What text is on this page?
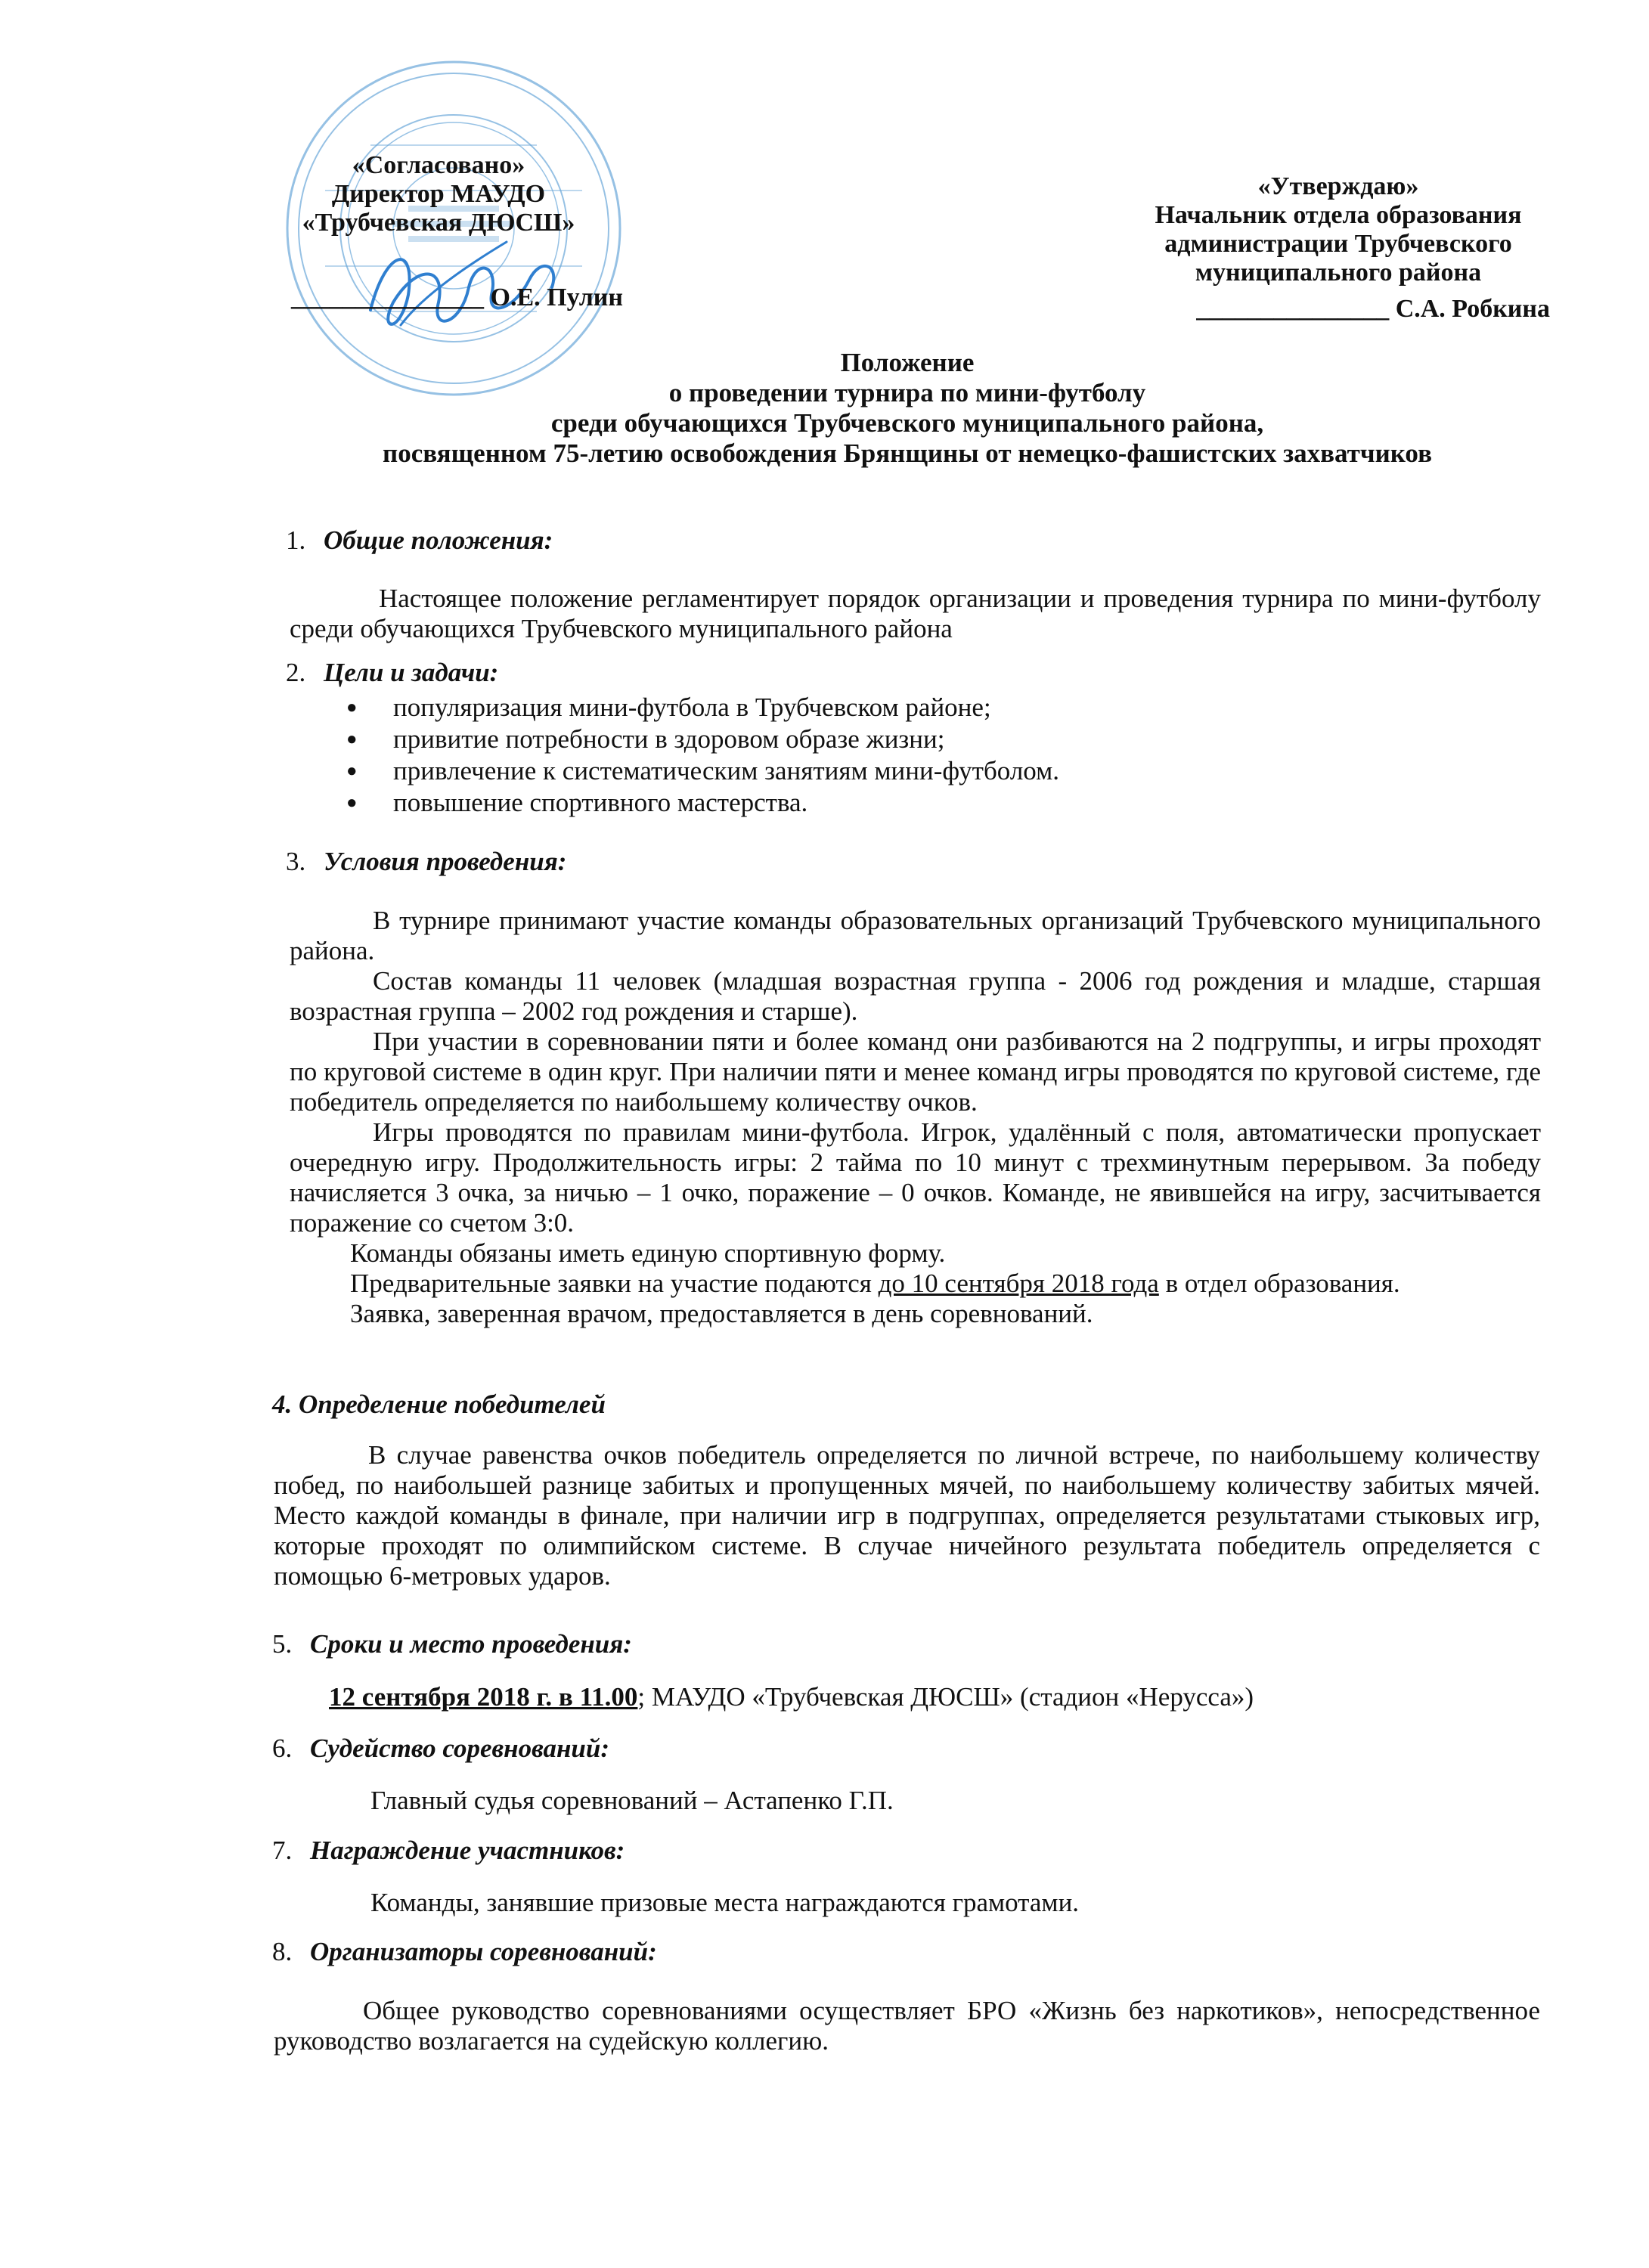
«Согласовано»
Директор МАУДО
«Трубчевская ДЮСШ»
_______________ О.Е. Пулин
«Утверждаю»
Начальник отдела образования
администрации Трубчевского
муниципального района
_______________ С.А. Робкина
Положение
о проведении турнира по мини-футболу
среди обучающихся Трубчевского муниципального района,
посвященном 75-летию освобождения Брянщины от немецко-фашистских захватчиков
1. Общие положения:
Настоящее положение регламентирует порядок организации и проведения турнира по мини-футболу среди обучающихся Трубчевского муниципального района
2. Цели и задачи:
● популяризация мини-футбола в Трубчевском районе;
● привитие потребности в здоровом образе жизни;
● привлечение к систематическим занятиям мини-футболом.
● повышение спортивного мастерства.
3. Условия проведения:
В турнире принимают участие команды образовательных организаций Трубчевского муниципального района.
Состав команды 11 человек (младшая возрастная группа - 2006 год рождения и младше, старшая возрастная группа – 2002 год рождения и старше).
При участии в соревновании пяти и более команд они разбиваются на 2 подгруппы, и игры проходят по круговой системе в один круг. При наличии пяти и менее команд игры проводятся по круговой системе, где победитель определяется по наибольшему количеству очков.
Игры проводятся по правилам мини-футбола. Игрок, удалённый с поля, автоматически пропускает очередную игру. Продолжительность игры: 2 тайма по 10 минут с трехминутным перерывом. За победу начисляется 3 очка, за ничью – 1 очко, поражение – 0 очков. Команде, не явившейся на игру, засчитывается поражение со счетом 3:0.
Команды обязаны иметь единую спортивную форму.
Предварительные заявки на участие подаются до 10 сентября 2018 года в отдел образования.
Заявка, заверенная врачом, предоставляется в день соревнований.
4. Определение победителей
В случае равенства очков победитель определяется по личной встрече, по наибольшему количеству побед, по наибольшей разнице забитых и пропущенных мячей, по наибольшему количеству забитых мячей. Место каждой команды в финале, при наличии игр в подгруппах, определяется результатами стыковых игр, которые проходят по олимпийском системе. В случае ничейного результата победитель определяется с помощью 6-метровых ударов.
5. Сроки и место проведения:
12 сентября 2018 г. в 11.00; МАУДО «Трубчевская ДЮСШ» (стадион «Нерусса»)
6. Судейство соревнований:
Главный судья соревнований – Астапенко Г.П.
7. Награждение участников:
Команды, занявшие призовые места награждаются грамотами.
8. Организаторы соревнований:
Общее руководство соревнованиями осуществляет БРО «Жизнь без наркотиков», непосредственное руководство возлагается на судейскую коллегию.
